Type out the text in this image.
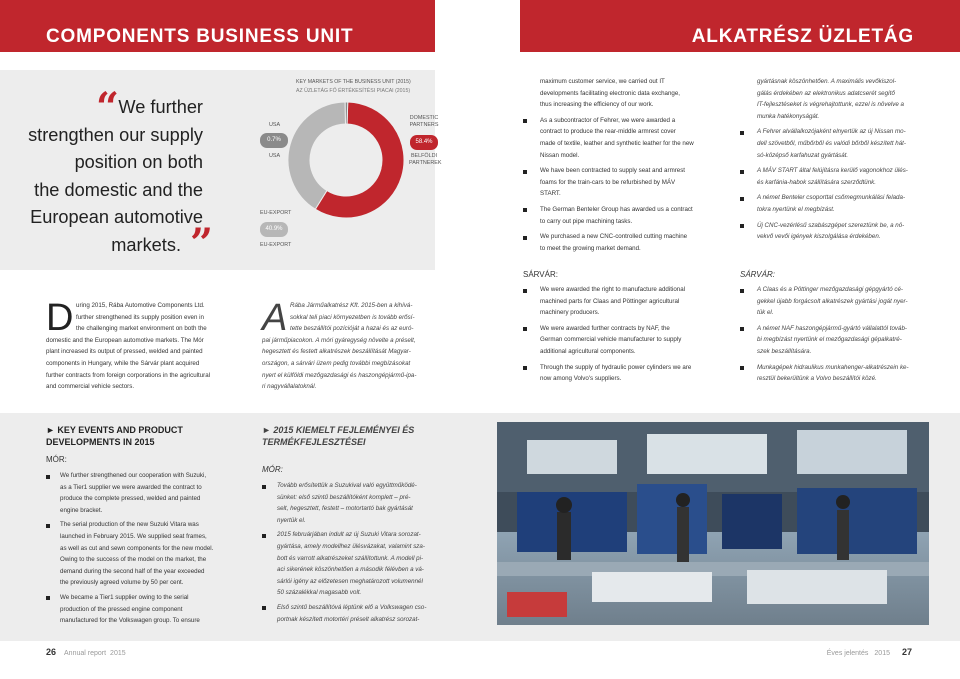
COMPONENTS BUSINESS UNIT	ALKATRÉSZ ÜZLETÁG
“
”
We further
strengthen our supply
position on both
the domestic and the
European automotive
markets.
KEY MARKETS OF THE BUSINESS UNIT (2015)
AZ ÜZLETÁG FŐ ÉRTÉKESÍTÉSI PIACAI (2015)
USA
0.7%
USA
EU-EXPORT
40.9%
EU-EXPORT
DOMESTIC PARTNERS
58.4%
BELFÖLDI PARTNEREK
D uring 2015, Rába Automotive Components Ltd.
further strengthened its supply position even in
the challenging market environment on both the
domestic and the European automotive markets. The Mór
plant increased its output of pressed, welded and painted
components in Hungary, while the Sárvár plant acquired
further contracts from foreign corporations in the agricultural
and commercial vehicle sectors.
A Rába Járműalkatrész Kft. 2015-ben a kihívá-
sokkal teli piaci környezetben is tovább erősí-
tette beszállítói pozícióját a hazai és az euró-
pai járműpiacokon. A móri gyáregység növelte a préselt,
hegesztett és festett alkatrészek beszállítását Magyar-
országon, a sárvári üzem pedig további megbízásokat
nyert el külföldi mezőgazdasági és haszongépjármű-ipa-
ri nagyvállalatoknál.
maximum customer service, we carried out IT
developments facilitating electronic data exchange,
thus increasing the efficiency of our work.
As a subcontractor of Fehrer, we were awarded a
contract to produce the rear-middle armrest cover
made of textile, leather and synthetic leather for the new
Nissan model.
We have been contracted to supply seat and armrest
foams for the train-cars to be refurbished by MÁV
START.
The German Benteler Group has awarded us a contract
to carry out pipe machining tasks.
We purchased a new CNC-controlled cutting machine
to meet the growing market demand.
SÁRVÁR:
We were awarded the right to manufacture additional
machined parts for Claas and Pöttinger agricultural
machinery producers.
We were awarded further contracts by NAF, the
German commercial vehicle manufacturer to supply
additional agricultural components.
Through the supply of hydraulic power cylinders we are
now among Volvo's suppliers.
gyártásnak köszönhetően. A maximális vevőkiszol-
gálás érdekében az elektronikus adatcserét segítő
IT-fejlesztéseket is végrehajtottunk, ezzel is növelve a
munka hatékonyságát.
A Fehrer alvállalkozójaként elnyertük az új Nissan mo-
dell szövetből, műbőrből és valódi bőrből készített hát-
só-középső karfahuzat gyártását.
A MÁV START által felújításra kerülő vagonokhoz ülés-
és karfánia-habok szállítására szerződtünk.
A német Benteler csoporttal csőmegmunkálási felada-
tokra nyertünk el megbízást.
Új CNC-vezérlésű szabászgépet szereztünk be, a nö-
vekvő vevői igények kiszolgálása érdekében.
SÁRVÁR:
A Claas és a Pöttinger mezőgazdasági gépgyártó cé-
gekkel újabb forgácsolt alkatrészek gyártási jogát nyer-
tük el.
A német NAF haszongépjármű-gyártó vállalattól továb-
bi megbízást nyertünk el mezőgazdasági gépalkatré-
szek beszállítására.
Munkagépek hidraulikus munkahenger-alkatrészein ke-
resztül bekerültünk a Volvo beszállítói közé.
► KEY EVENTS AND PRODUCT
DEVELOPMENTS IN 2015
MÓR:
We further strengthened our cooperation with Suzuki,
as a Tier1 supplier we were awarded the contract to
produce the complete pressed, welded and painted
engine bracket.
The serial production of the new Suzuki Vitara was
launched in February 2015. We supplied seat frames,
as well as cut and sewn components for the new model.
Owing to the success of the model on the market, the
demand during the second half of the year exceeded
the previously agreed volume by 50 per cent.
We became a Tier1 supplier owing to the serial
production of the pressed engine component
manufactured for the Volkswagen group. To ensure
► 2015 KIEMELT FEJLEMÉNYEI ÉS
TERMÉKFEJLESZTÉSEI
MÓR:
Tovább erősítettük a Suzukival való együttműködé-
sünket: első szintű beszállítóként komplett – pré-
selt, hegesztett, festett – motortartó bak gyártását
nyertük el.
2015 februárjában indult az új Suzuki Vitara sorozat-
gyártása, amely modellhez ülésvázakat, valamint sza-
bott és varrott alkatrészeket szállítottunk. A modell pi-
aci sikerének köszönhetően a második félévben a vá-
sárlói igény az előzetesen meghatározott volumennél
50 százalékkal magasabb volt.
Első szintű beszállítóvá léptünk elő a Volkswagen cso-
portnak készített motortéri préselt alkatrész sorozat-
26 Annual report 2015	Éves jelentés 2015 27
